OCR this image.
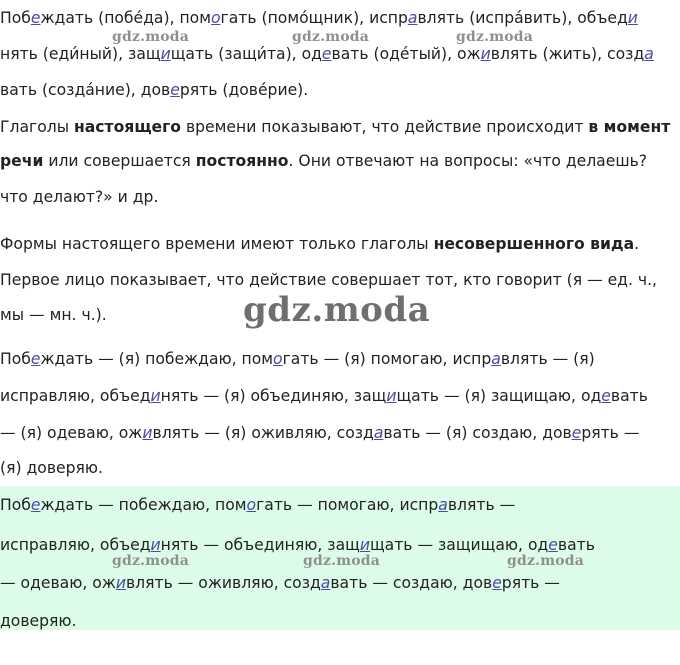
Побеждать (побе́да), помогать (помо́щник), исправлять (испра́вить), объеди
нять (еди́ный), защищать (защи́та), одевать (оде́тый), оживлять (жить), созда
вать (созда́ние), доверять (дове́рие).
Глаголы настоящего времени показывают, что действие происходит в момент
речи или совершается постоянно. Они отвечают на вопросы: «что делаешь?
что делают?» и др.
Формы настоящего времени имеют только глаголы несовершенного вида.
Первое лицо показывает, что действие совершает тот, кто говорит (я — ед. ч.,
мы — мн. ч.).
Побеждать — (я) побеждаю, помогать — (я) помогаю, исправлять — (я)
исправляю, объединять — (я) объединяю, защищать — (я) защищаю, одевать
— (я) одеваю, оживлять — (я) оживляю, создавать — (я) создаю, доверять —
(я) доверяю.
Побеждать — побеждаю, помогать — помогаю, исправлять —
исправляю, объединять — объединяю, защищать — защищаю, одевать
— одеваю, оживлять — оживляю, создавать — создаю, доверять —
доверяю.
gdz.moda	gdz.moda	gdz.moda
gdz.moda
gdz.moda	gdz.moda	gdz.moda
